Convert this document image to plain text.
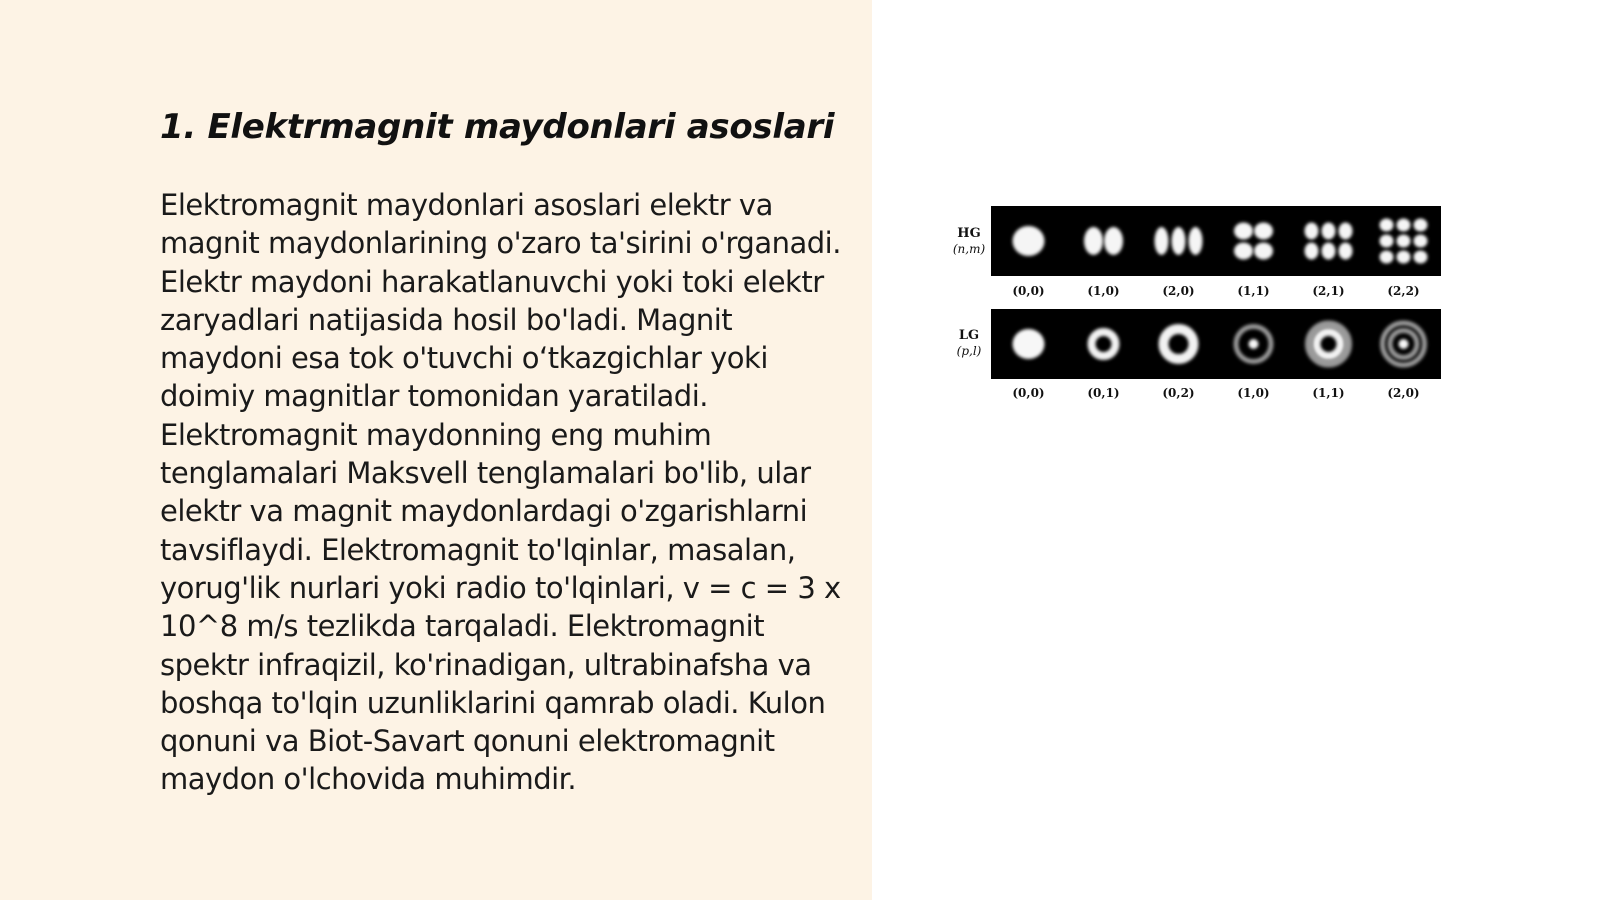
1. Elektrmagnit maydonlari asoslari

Elektromagnit maydonlari asoslari elektr va magnit maydonlarining o'zaro ta'sirini o'rganadi. Elektr maydoni harakatlanuvchi yoki toki elektr zaryadlari natijasida hosil bo'ladi. Magnit maydoni esa tok o'tuvchi o‘tkazgichlar yoki doimiy magnitlar tomonidan yaratiladi. Elektromagnit maydonning eng muhim tenglamalari Maksvell tenglamalari bo'lib, ular elektr va magnit maydonlardagi o'zgarishlarni tavsiflaydi. Elektromagnit to'lqinlar, masalan, yorug'lik nurlari yoki radio to'lqinlari, v = c = 3 x 10^8 m/s tezlikda tarqaladi. Elektromagnit spektr infraqizil, ko'rinadigan, ultrabinafsha va boshqa to'lqin uzunliklarini qamrab oladi. Kulon qonuni va Biot-Savart qonuni elektromagnit maydon o'lchovida muhimdir.

HG
(n,m)
(0,0)	(1,0)	(2,0)	(1,1)	(2,1)	(2,2)
LG
(p,l)
(0,0)	(0,1)	(0,2)	(1,0)	(1,1)	(2,0)
